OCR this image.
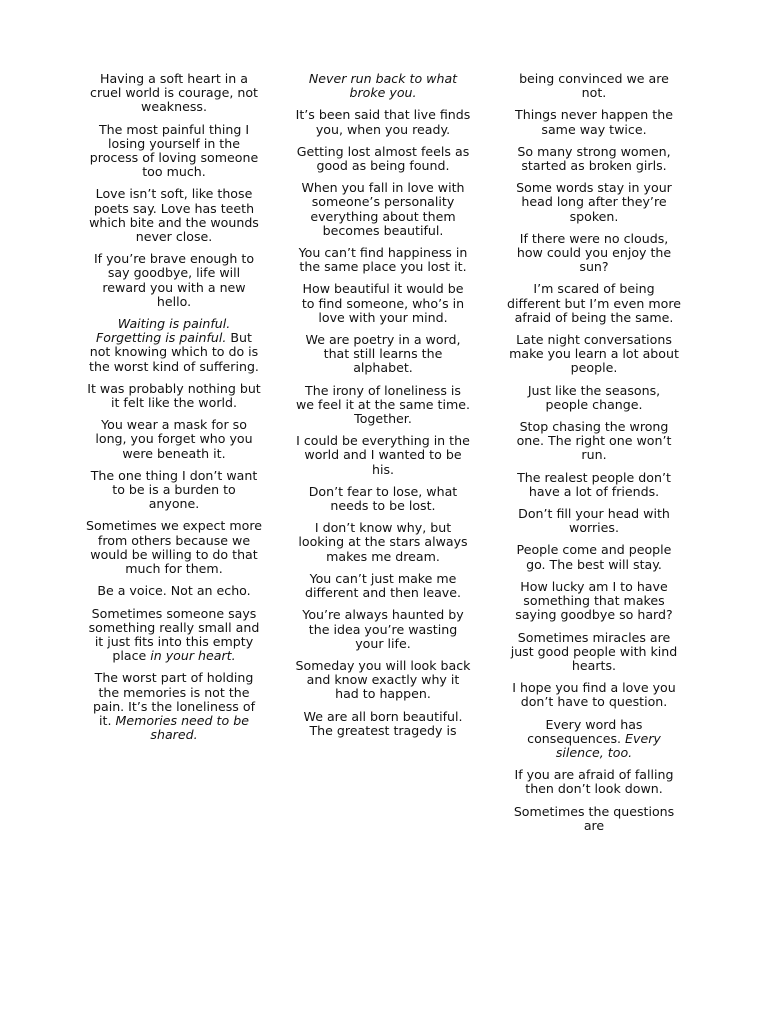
Having a soft heart in a cruel world is courage, not weakness.

The most painful thing I losing yourself in the process of loving someone too much.

Love isn’t soft, like those poets say. Love has teeth which bite and the wounds never close.

If you’re brave enough to say goodbye, life will reward you with a new hello.

Waiting is painful. Forgetting is painful. But not knowing which to do is the worst kind of suffering.

It was probably nothing but it felt like the world.

You wear a mask for so long, you forget who you were beneath it.

The one thing I don’t want to be is a burden to anyone.

Sometimes we expect more from others because we would be willing to do that much for them.

Be a voice. Not an echo.

Sometimes someone says something really small and it just fits into this empty place in your heart.

The worst part of holding the memories is not the pain. It’s the loneliness of it. Memories need to be shared.

Never run back to what broke you.

It’s been said that live finds you, when you ready.

Getting lost almost feels as good as being found.

When you fall in love with someone’s personality everything about them becomes beautiful.

You can’t find happiness in the same place you lost it.

How beautiful it would be to find someone, who’s in love with your mind.

We are poetry in a word, that still learns the alphabet.

The irony of loneliness is we feel it at the same time. Together.

I could be everything in the world and I wanted to be his.

Don’t fear to lose, what needs to be lost.

I don’t know why, but looking at the stars always makes me dream.

You can’t just make me different and then leave.

You’re always haunted by the idea you’re wasting your life.

Someday you will look back and know exactly why it had to happen.

We are all born beautiful. The greatest tragedy is

being convinced we are not.

Things never happen the same way twice.

So many strong women, started as broken girls.

Some words stay in your head long after they’re spoken.

If there were no clouds, how could you enjoy the sun?

I’m scared of being different but I’m even more afraid of being the same.

Late night conversations make you learn a lot about people.

Just like the seasons, people change.

Stop chasing the wrong one. The right one won’t run.

The realest people don’t have a lot of friends.

Don’t fill your head with worries.

People come and people go. The best will stay.

How lucky am I to have something that makes saying goodbye so hard?

Sometimes miracles are just good people with kind hearts.

I hope you find a love you don’t have to question.

Every word has consequences. Every silence, too.

If you are afraid of falling then don’t look down.

Sometimes the questions are
